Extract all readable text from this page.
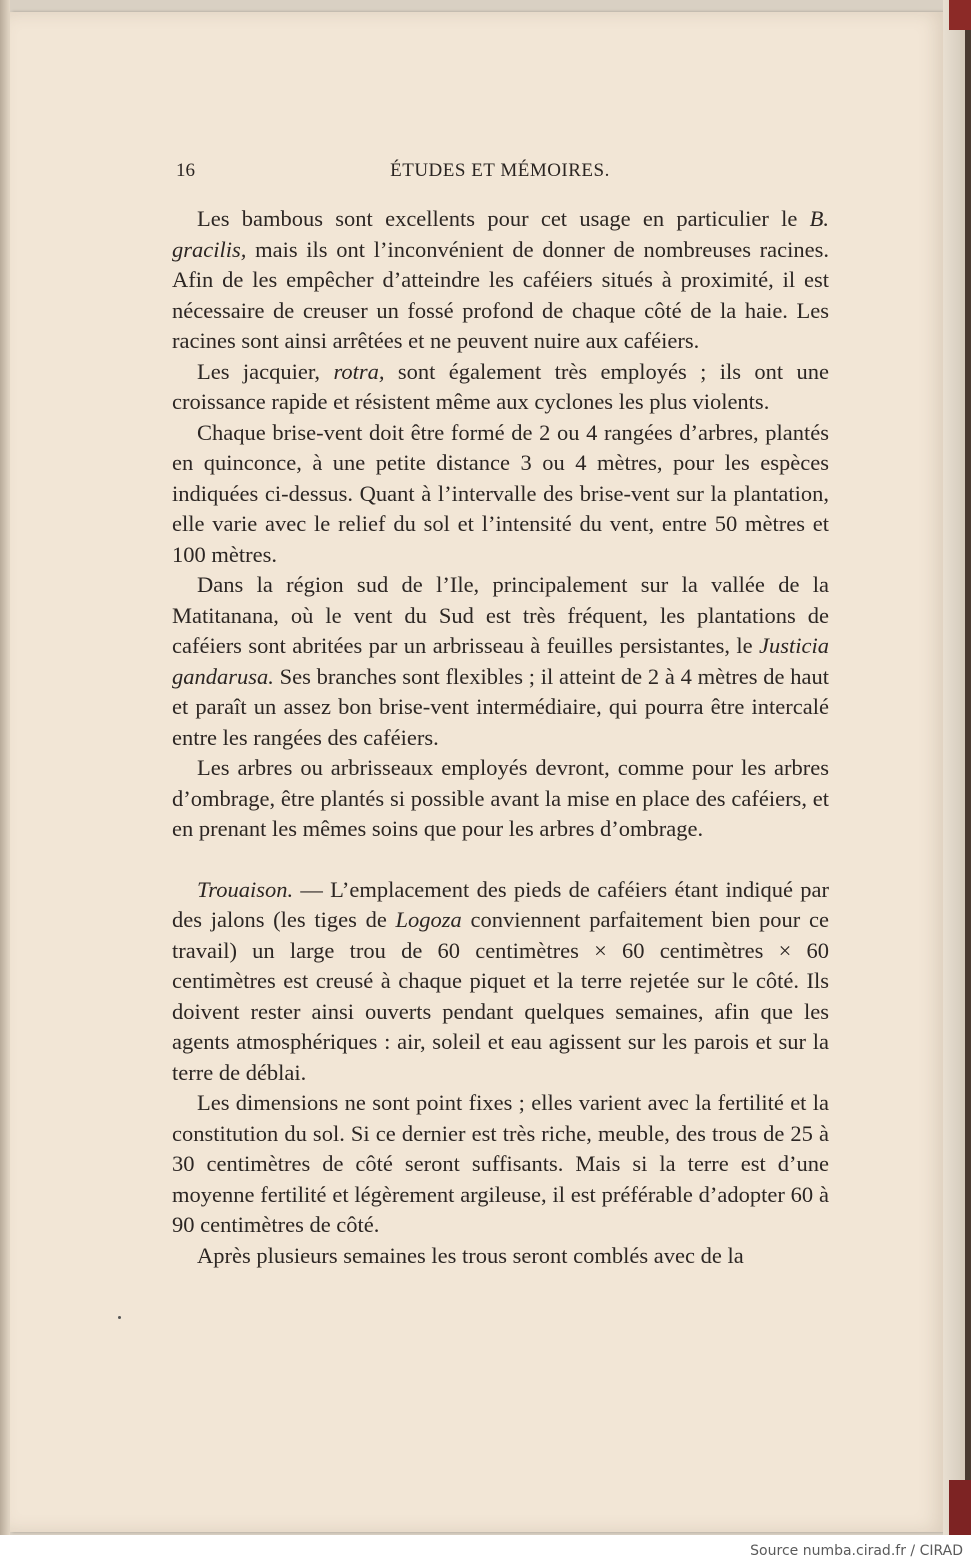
16	ÉTUDES ET MÉMOIRES.

Les bambous sont excellents pour cet usage en particulier le B. gracilis, mais ils ont l’inconvénient de donner de nombreuses racines. Afin de les empêcher d’atteindre les caféiers situés à proximité, il est nécessaire de creuser un fossé profond de chaque côté de la haie. Les racines sont ainsi arrêtées et ne peuvent nuire aux caféiers.

Les jacquier, rotra, sont également très employés ; ils ont une croissance rapide et résistent même aux cyclones les plus violents.

Chaque brise-vent doit être formé de 2 ou 4 rangées d’arbres, plantés en quinconce, à une petite distance 3 ou 4 mètres, pour les espèces indiquées ci-dessus. Quant à l’intervalle des brise-vent sur la plantation, elle varie avec le relief du sol et l’intensité du vent, entre 50 mètres et 100 mètres.

Dans la région sud de l’Ile, principalement sur la vallée de la Matitanana, où le vent du Sud est très fréquent, les plantations de caféiers sont abritées par un arbrisseau à feuilles persistantes, le Justicia gandarusa. Ses branches sont flexibles ; il atteint de 2 à 4 mètres de haut et paraît un assez bon brise-vent intermédiaire, qui pourra être intercalé entre les rangées des caféiers.

Les arbres ou arbrisseaux employés devront, comme pour les arbres d’ombrage, être plantés si possible avant la mise en place des caféiers, et en prenant les mêmes soins que pour les arbres d’ombrage.

Trouaison. — L’emplacement des pieds de caféiers étant indiqué par des jalons (les tiges de Logoza conviennent parfaitement bien pour ce travail) un large trou de 60 centimètres × 60 centimètres × 60 centimètres est creusé à chaque piquet et la terre rejetée sur le côté. Ils doivent rester ainsi ouverts pendant quelques semaines, afin que les agents atmosphériques : air, soleil et eau agissent sur les parois et sur la terre de déblai.

Les dimensions ne sont point fixes ; elles varient avec la fertilité et la constitution du sol. Si ce dernier est très riche, meuble, des trous de 25 à 30 centimètres de côté seront suffisants. Mais si la terre est d’une moyenne fertilité et légèrement argileuse, il est préférable d’adopter 60 à 90 centimètres de côté.

Après plusieurs semaines les trous seront comblés avec de la

Source numba.cirad.fr / CIRAD
